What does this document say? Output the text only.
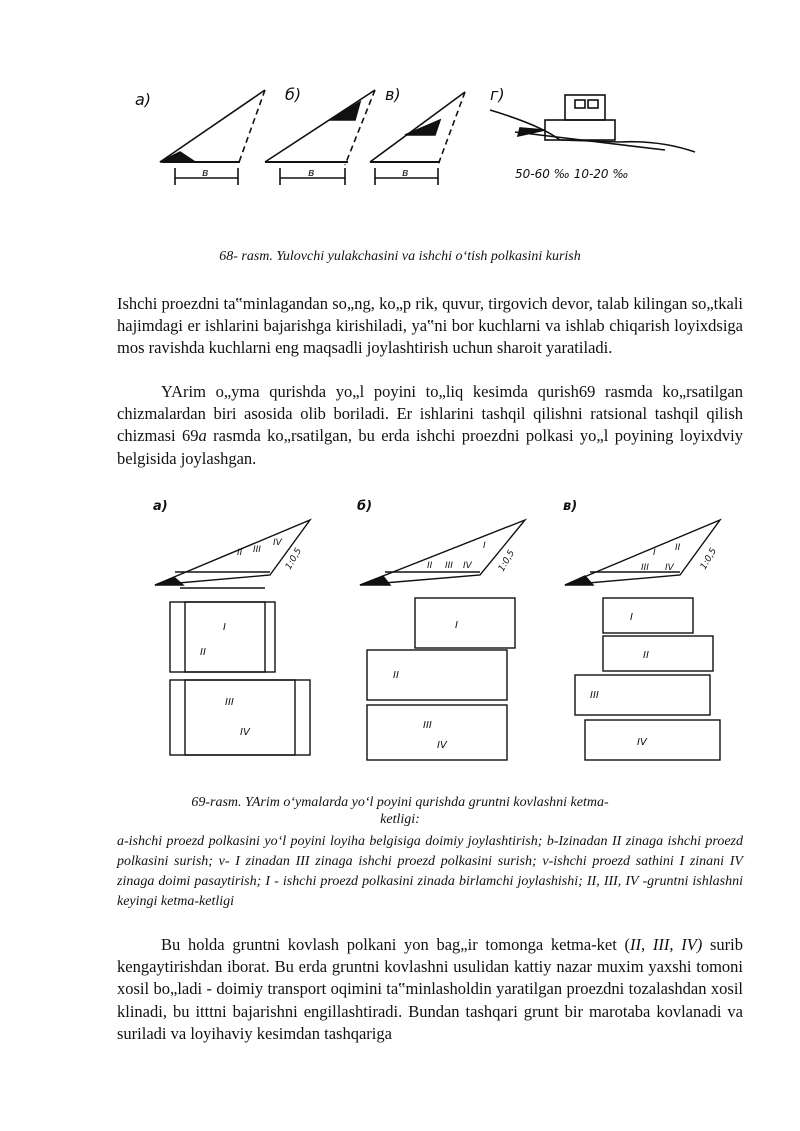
а)
в
б)
в
в)
в
г)
50-60 ‰ 10-20 ‰
68- rasm. Yulovchi yulakchasini va ishchi o‘tish polkasini kurish

Ishchi proezdni ta‟minlagandan so„ng, ko„p rik, quvur, tirgovich devor, talab kilingan so„tkali hajimdagi er ishlarini bajarishga kirishiladi, ya‟ni bor kuchlarni va ishlab chiqarish loyixdsiga mos ravishda kuchlarni eng maqsadli joylashtirish uchun sharoit yaratiladi.

YArim o„yma qurishda yo„l poyini to„liq kesimda qurish69 rasmda ko„rsatilgan chizmalardan biri asosida olib boriladi. Er ishlarini tashqil qilishni ratsional tashqil qilish chizmasi 69a rasmda ko„rsatilgan, bu erda ishchi proezdni polkasi yo„l poyining loyixdviy belgisida joylashgan.

а)
II III
IV
1:0,5
I
II
III
IV
б)
I
II III IV	1:0,5
I
II
III
IV
в)
I II
III IV	1:0,5
I
II
III
IV
69-rasm. YArim o‘ymalarda yo‘l poyini qurishda gruntni kovlashni ketma-
ketligi:

a-ishchi proezd polkasini yo‘l poyini loyiha belgisiga doimiy joylashtirish; b-Izinadan II zinaga ishchi proezd polkasini surish; v- I zinadan III zinaga ishchi proezd polkasini surish; v-ishchi proezd sathini I zinani IV zinaga doimi pasaytirish; I - ishchi proezd polkasini zinada birlamchi joylashishi; II, III, IV -gruntni ishlashni keyingi ketma-ketligi

Bu holda gruntni kovlash polkani yon bag„ir tomonga ketma-ket (II, III, IV) surib kengaytirishdan iborat. Bu erda gruntni kovlashni usulidan kattiy nazar muxim yaxshi tomoni xosil bo„ladi - doimiy transport oqimini ta‟minlasholdin yaratilgan proezdni tozalashdan xosil klinadi, bu itttni bajarishni engillashtiradi. Bundan tashqari grunt bir marotaba kovlanadi va suriladi va loyihaviy kesimdan tashqariga
